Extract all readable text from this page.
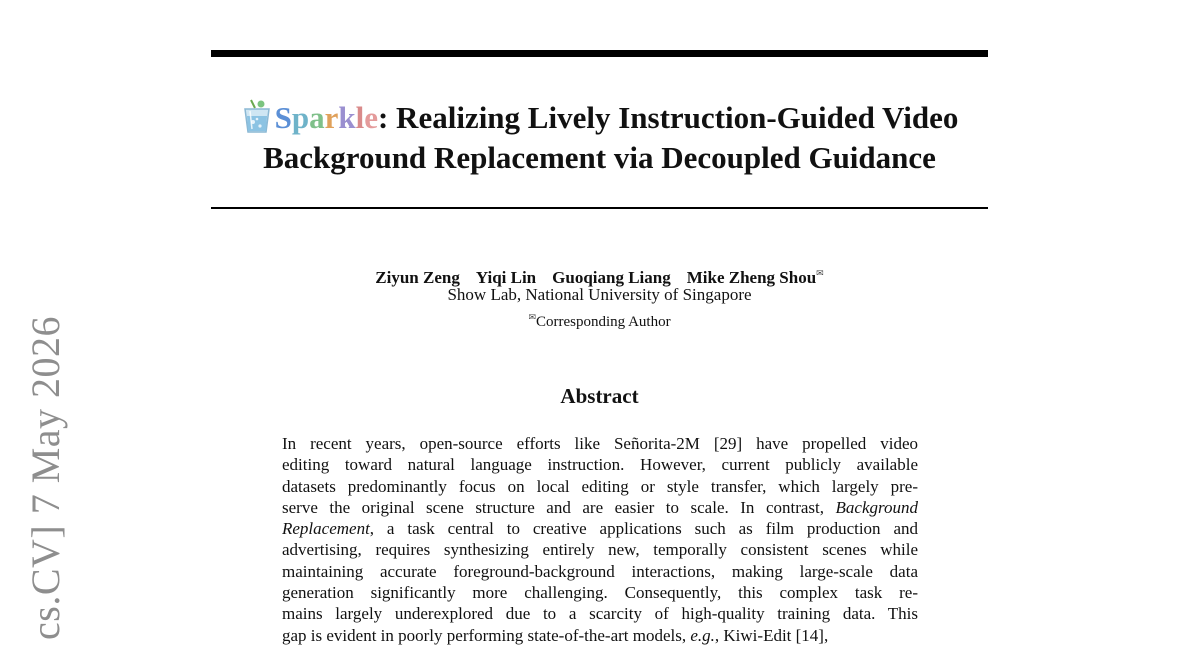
cs.CV] 7 May 2026
Sparkle: Realizing Lively Instruction-Guided Video
Background Replacement via Decoupled Guidance
Ziyun Zeng Yiqi Lin Guoqiang Liang Mike Zheng Shou✉
Show Lab, National University of Singapore
✉Corresponding Author
Abstract
In recent years, open-source efforts like Señorita-2M [29] have propelled video
editing toward natural language instruction. However, current publicly available
datasets predominantly focus on local editing or style transfer, which largely pre-
serve the original scene structure and are easier to scale. In contrast, Background
Replacement, a task central to creative applications such as film production and
advertising, requires synthesizing entirely new, temporally consistent scenes while
maintaining accurate foreground-background interactions, making large-scale data
generation significantly more challenging. Consequently, this complex task re-
mains largely underexplored due to a scarcity of high-quality training data. This
gap is evident in poorly performing state-of-the-art models, e.g., Kiwi-Edit [14],
